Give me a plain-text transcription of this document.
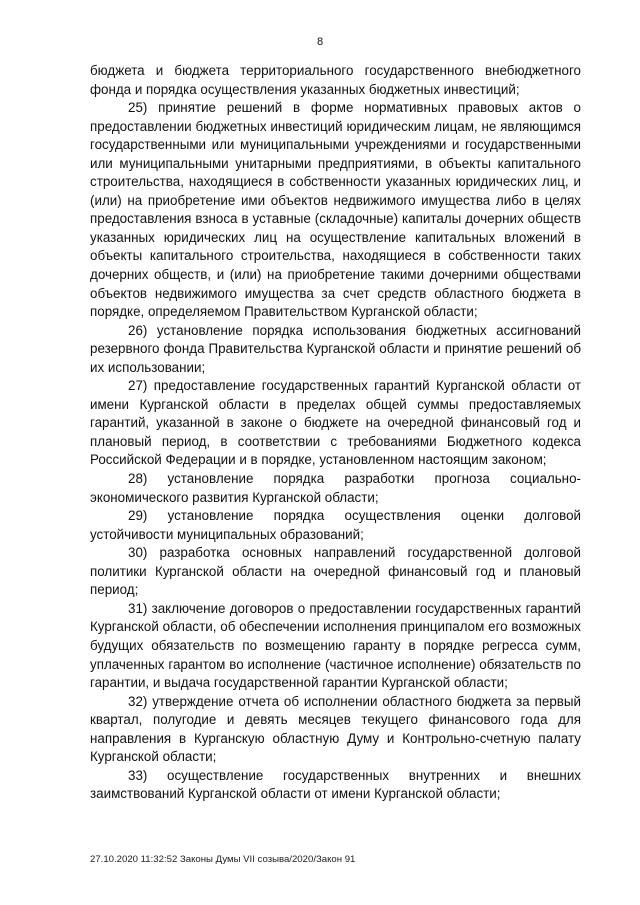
8

бюджета и бюджета территориального государственного внебюджетного фонда и порядка осуществления указанных бюджетных инвестиций;

25) принятие решений в форме нормативных правовых актов о предоставлении бюджетных инвестиций юридическим лицам, не являющимся государственными или муниципальными учреждениями и государственными или муниципальными унитарными предприятиями, в объекты капитального строительства, находящиеся в собственности указанных юридических лиц, и (или) на приобретение ими объектов недвижимого имущества либо в целях предоставления взноса в уставные (складочные) капиталы дочерних обществ указанных юридических лиц на осуществление капитальных вложений в объекты капитального строительства, находящиеся в собственности таких дочерних обществ, и (или) на приобретение такими дочерними обществами объектов недвижимого имущества за счет средств областного бюджета в порядке, определяемом Правительством Курганской области;

26) установление порядка использования бюджетных ассигнований резервного фонда Правительства Курганской области и принятие решений об их использовании;

27) предоставление государственных гарантий Курганской области от имени Курганской области в пределах общей суммы предоставляемых гарантий, указанной в законе о бюджете на очередной финансовый год и плановый период, в соответствии с требованиями Бюджетного кодекса Российской Федерации и в порядке, установленном настоящим законом;

28) установление порядка разработки прогноза социально-экономического развития Курганской области;

29) установление порядка осуществления оценки долговой устойчивости муниципальных образований;

30) разработка основных направлений государственной долговой политики Курганской области на очередной финансовый год и плановый период;

31) заключение договоров о предоставлении государственных гарантий Курганской области, об обеспечении исполнения принципалом его возможных будущих обязательств по возмещению гаранту в порядке регресса сумм, уплаченных гарантом во исполнение (частичное исполнение) обязательств по гарантии, и выдача государственной гарантии Курганской области;

32) утверждение отчета об исполнении областного бюджета за первый квартал, полугодие и девять месяцев текущего финансового года для направления в Курганскую областную Думу и Контрольно-счетную палату Курганской области;

33) осуществление государственных внутренних и внешних заимствований Курганской области от имени Курганской области;

27.10.2020 11:32:52 Законы Думы VII созыва/2020/Закон 91
